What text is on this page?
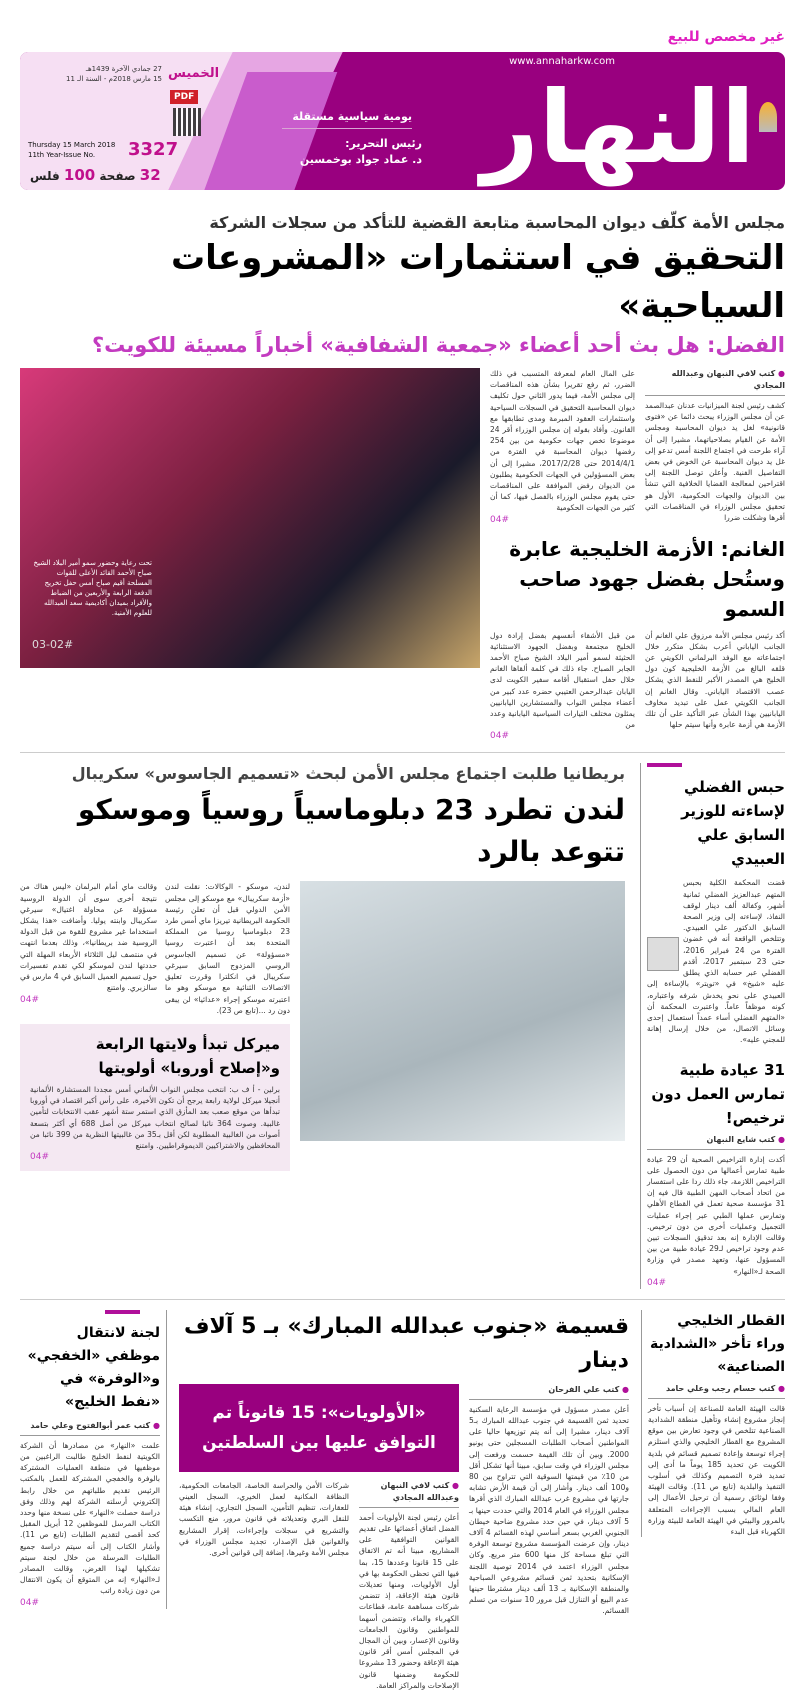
غير مخصص للبيع
النهار
www.annaharkw.com
يومية سياسية مستقلة
رئيس التحرير:
د. عماد جواد بوخمسين
27 جمادي الآخرة 1439هـ
15 مارس 2018م - السنة الـ 11 الخميس
PDF
Thursday 15 March 2018
11th Year-Issue No.	3327
32 صفحة 100 فلس
مجلس الأمة كلّف ديوان المحاسبة متابعة القضية للتأكد من سجلات الشركة
التحقيق في استثمارات «المشروعات السياحية»
الفضل: هل بث أحد أعضاء «جمعية الشفافية» أخباراً مسيئة للكويت؟
● كتب لافي النبهان وعبدالله المجادي
كشف رئيس لجنة الميزانيات عدنان عبدالصمد عن أن مجلس الوزراء يبحث دائما عن «فتوى قانونية» لغل يد ديوان المحاسبة ومجلس الأمة عن القيام بصلاحياتهما، مشيرا إلى أن آراء طرحت في اجتماع اللجنة أمس تدعو إلى غل يد ديوان المحاسبة عن الخوض في بعض التفاصيل الفنية. وأعلن توصل اللجنة إلى اقتراحين لمعالجة القضايا الخلافية التي تنشأ بين الديوان والجهات الحكومية، الأول هو تحقيق مجلس الوزراء في المناقصات التي أقرها وشكلت ضررا
على المال العام لمعرفة المتسبب في ذلك الضرر، ثم رفع تقريرا بشأن هذه المناقصات إلى مجلس الأمة، فيما يدور الثاني حول تكليف ديوان المحاسبة التحقيق في السجلات السياحية واستثمارات العقود المبرمة ومدى تطابقها مع القانون. وأفاد بقوله إن مجلس الوزراء أقر 24 موضوعا تخص جهات حكومية من بين 254 رفضها ديوان المحاسبة في الفترة من 2014/4/1 حتى 2017/2/28، مشيرا إلى أن بعض المسؤولين في الجهات الحكومية يطلبون من الديوان رفض الموافقة على المناقصات حتى يقوم مجلس الوزراء بالفصل فيها، كما أن كثير من الجهات الحكومية
04#
الغانم: الأزمة الخليجية عابرة
وستُحل بفضل جهود صاحب السمو
أكد رئيس مجلس الأمة مرزوق علي الغانم أن الجانب الياباني أعرب بشكل متكرر خلال اجتماعاته مع الوفد البرلماني الكويتي عن قلقه البالغ من الأزمة الخليجية كون دول الخليج هي المصدر الأكبر للنفط الذي يشكل عصب الاقتصاد الياباني. وقال الغانم إن الجانب الكويتي عمل على تبديد مخاوف اليابانيين بهذا الشأن عبر التأكيد على أن تلك الأزمة هي أزمة عابرة وأنها سيتم حلها
من قبل الأشقاء أنفسهم بفضل إرادة دول الخليج مجتمعة وبفضل الجهود الاستثنائية الحثيثة لسمو أمير البلاد الشيخ صباح الأحمد الجابر الصباح. جاء ذلك في كلمة ألقاها الغانم خلال حفل استقبال أقامه سفير الكويت لدى اليابان عبدالرحمن العتيبي حضره عدد كبير من أعضاء مجلس النواب والمستشارين اليابانيين يمثلون مختلف التيارات السياسية اليابانية وعدد من
04#
تحت رعاية وحضور سمو أمير البلاد الشيخ صباح الأحمد القائد الأعلى للقوات المسلحة أقيم صباح أمس حفل تخريج الدفعة الرابعة والأربعين من الضباط والأفراد بميدان أكاديمية سعد العبدالله للعلوم الأمنية.
03-02#
حبس الفضلي لإساءته للوزير السابق علي العبيدي
قضت المحكمة الكلية بحبس المتهم عبدالعزيز الفضلي ثمانية أشهر، وكفالة ألف دينار لوقف النفاذ، لإساءته إلى وزير الصحة السابق الدكتور علي العبيدي. وتتلخص الواقعة أنه في غضون الفترة من 24 فبراير 2016، حتى 23 سبتمبر 2017، أقدم الفضلي عبر حسابه الذي يطلق عليه «شيخ» في «تويتر» بالإساءة إلى العبيدي على نحو يخدش شرفه واعتباره، كونه موظفاً عاماً. واعتبرت المحكمة أن «المتهم الفضلي أساء عمداً استعمال إحدى وسائل الاتصال، من خلال إرسال إهانة للمجني عليه».
31 عيادة طبية تمارس العمل دون ترخيص!
● كتب شايع النبهان
أكدت إدارة التراخيص الصحية أن 29 عيادة طبية تمارس أعمالها من دون الحصول على التراخيص اللازمة، جاء ذلك ردا على استفسار من اتحاد أصحاب المهن الطبية قال فيه إن 31 مؤسسة صحية تعمل في القطاع الأهلي وتمارس عملها الطبي عبر إجراء عمليات التجميل وعمليات أخرى من دون ترخيص. وقالت الإدارة إنه بعد تدقيق السجلات تبين عدم وجود تراخيص لـ29 عيادة طبية من بين المسؤول عنها، وتعهد مصدر في وزارة الصحة لـ«النهار»
04#
بريطانيا طلبت اجتماع مجلس الأمن لبحث «تسميم الجاسوس» سكريبال
لندن تطرد 23 دبلوماسياً روسياً وموسكو تتوعد بالرد
لندن، موسكو - الوكالات: نقلت لندن «أزمة سكريبال» مع موسكو إلى مجلس الأمن الدولي قبل أن تعلن رئيسة الحكومة البريطانية تيريزا ماي أمس طرد 23 دبلوماسيا روسيا من المملكة المتحدة بعد أن اعتبرت روسيا «مسؤولة» عن تسميم الجاسوس الروسي المزدوج السابق سيرغي سكريبال في انكلترا وقررت تعليق الاتصالات الثنائية مع موسكو وهو ما اعتبرته موسكو إجراء «عدائيا» لن يبقى دون رد ...(تابع ص 23).
وقالت ماي أمام البرلمان «ليس هناك من نتيجة أخرى سوى أن الدولة الروسية مسؤولة عن محاولة اغتيال» سيرغي سكريبال وابنته يوليا. وأضافت «هذا يشكل استخداما غير مشروع للقوة من قبل الدولة الروسية ضد بريطانيا»، وذلك بعدما انتهت في منتصف ليل الثلاثاء الأربعاء المهلة التي حددتها لندن لموسكو لكي تقدم تفسيرات حول تسميم العميل السابق في 4 مارس في سالزبري. وامتنع
04#
ميركل تبدأ ولايتها الرابعة
و«إصلاح أوروبا» أولويتها
برلين - أ ف ب: انتخب مجلس النواب الألماني أمس مجددا المستشارة الألمانية أنجيلا ميركل لولاية رابعة يرجح أن تكون الأخيرة، على رأس أكبر اقتصاد في أوروبا تبدأها من موقع صعب بعد المأزق الذي استمر ستة أشهر عقب الانتخابات لتأمين غالبية. وصوت 364 نائبا لصالح انتخاب ميركل من أصل 688 أي أكثر بتسعة أصوات من الغالبية المطلوبة لكن أقل بـ35 من غالبيتها النظرية من 399 نائبا من المحافظين والاشتراكيين الديموقراطيين. وامتنع
04#
القطار الخليجي وراء تأخر «الشدادية الصناعية»
● كتب حسام رجب وعلي حامد
قالت الهيئة العامة للصناعة إن أسباب تأخر إنجاز مشروع إنشاء وتأهيل منطقة الشدادية الصناعية تتلخص في وجود تعارض بين موقع المشروع مع القطار الخليجي والذي استلزم إجراء توسعة وإعادة تصميم قسائم في بلدية الكويت عن تحديد 185 يوماً ما أدى إلى تمديد فترة التصميم وكذلك في أسلوب التنفيذ والبلدية (تابع ص 11). وقالت الهيئة وفقا لوثائق رسمية أن ترحيل الأعمال إلى العام المالي بسبب الإجراءات المتعلقة بالمرور والبيئي في الهيئة العامة للبيئة وزارة الكهرباء قبل البدء
قسيمة «جنوب عبدالله المبارك» بـ 5 آلاف دينار
● كتب علي الفرحان
أعلن مصدر مسؤول في مؤسسة الرعاية السكنية تحديد ثمن القسيمة في جنوب عبدالله المبارك بـ5 آلاف دينار، مشيرا إلى أنه يتم توزيعها حاليا على المواطنين أصحاب الطلبات المسجلين حتى يونيو 2000. وبين أن تلك القيمة حسمت ورفعت إلى مجلس الوزراء في وقت سابق، مبينا أنها تشكل أقل من 10٪ من قيمتها السوقية التي تتراوح بين 80 و100 ألف دينار. وأشار إلى أن قيمة الأرض تشابه جارتها في مشروع غرب عبدالله المبارك الذي أقرها مجلس الوزراء في العام 2014 والتي حددت حينها بـ 5 آلاف دينار، في حين حدد مشروع ضاحية خيطان الجنوبي الغربي بسعر أساسي لهذه القسائم 4 آلاف دينار، وإن عرضت المؤسسة مشروع توسعة الوفرة التي تبلغ مساحة كل منها 600 متر مربع. وكان مجلس الوزراء اعتمد في 2014 توصية اللجنة الإسكانية بتحديد ثمن قسائم مشروعي الصباحية والمنطقة الإسكانية بـ 13 ألف دينار مشترطا حينها عدم البيع أو التنازل قبل مرور 10 سنوات من تسلم القسائم.
«الأولويات»: 15 قانوناً تم التوافق عليها بين السلطتين
● كتب لافي النبهان وعبدالله المجادي
أعلن رئيس لجنة الأولويات أحمد الفضل اتفاق أعضائها على تقديم القوانين التوافقية على المشاريع، مبينا أنه تم الاتفاق على 15 قانونا وعددها 15، بما فيها التي تحظى الحكومة بها في أول الأولويات، ومنها تعديلات قانون هيئة الإعاقة، إذ تتضمن شركات مساهمة عامة، قطاعات الكهرباء والماء، وتتضمن أسهما للمواطنين وقانون الجامعات وقانون الإعسار، وبين أن المجال في المجلس أمس أقر قانون هيئة الإعاقة وحضور 13 مشروعا للحكومة وضمنها قانون الإصلاحات والمراكز العامة.
شركات الأمن والحراسة الخاصة، الجامعات الحكومية، النظافة المكانية لعمل الخيري، السجل العيني للعقارات، تنظيم التأمين، السجل التجاري، إنشاء هيئة للنقل البري وتعديلاته في قانون مرور، منع التكسب والتشريع في سجلات وإجراءات، إقرار المشاريع والقوانين قبل الإصدار، تجديد مجلس الوزراء في مجلس الأمة وغيرها، إضافة إلى قوانين أخرى.
لجنة لانتقال موظفي «الخفجي» و«الوفرة» في «نفط الخليج»
● كتب عمر أبوالفتوح وعلي حامد
علمت «النهار» من مصادرها أن الشركة الكويتية لنفط الخليج طالبت الراغبين من موظفيها في منطقة العمليات المشتركة بالوفرة والخفجي المشتركة للعمل بالمكتب الرئيس تقديم طلباتهم من خلال رابط إلكتروني أرسلته الشركة لهم وذلك وفق دراسة حصلت «النهار» على نسخة منها وحدد الكتاب المرسل للموظفين 12 أبريل المقبل كحد أقصى لتقديم الطلبات (تابع ص 11). وأشار الكتاب إلى أنه سيتم دراسة جميع الطلبات المرسلة من خلال لجنة سيتم تشكيلها لهذا الغرض، وقالت المصادر لـ«النهار» إنه من المتوقع أن يكون الانتقال من دون زيادة راتب
04#
